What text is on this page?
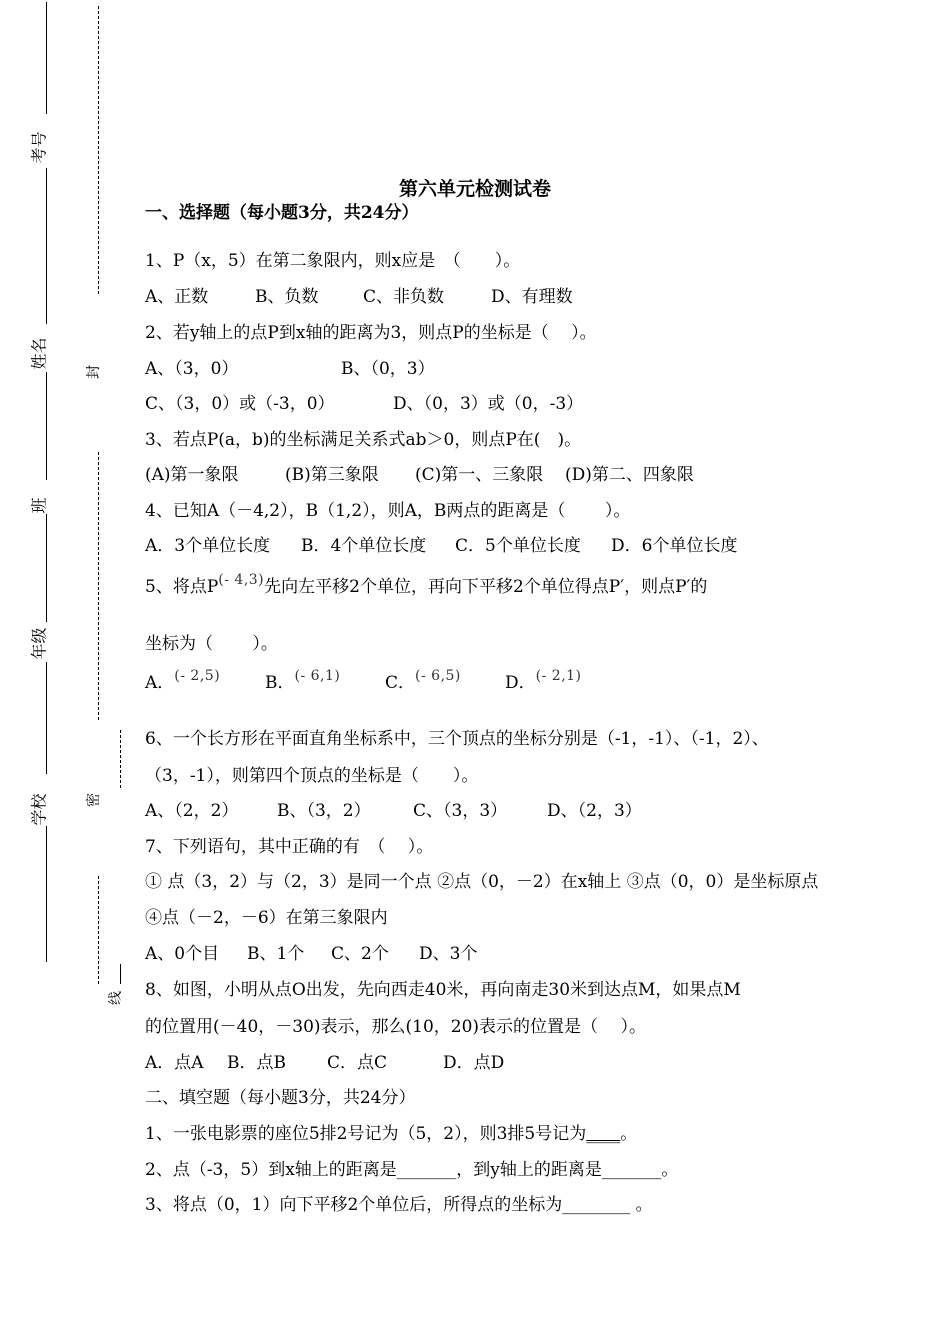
考号
姓名
班
年级
学校
封
密
线
第六单元检测试卷
一、选择题（每小题3分，共24分）
1、P（x，5）在第二象限内，则x应是　（　　）。
A、正数	B、负数	C、非负数	D、有理数
2、若y轴上的点P到x轴的距离为3，则点P的坐标是（　 ）。
A、（3，0）	B、（0，3）
C、（3，0）或（-3，0）	D、（0，3）或（0，-3）
3、若点P(a，b)的坐标满足关系式ab＞0，则点P在(　)。
(A)第一象限	(B)第三象限 (C)第一、三象限 (D)第二、四象限
4、已知A（－4,2），B（1,2），则A，B两点的距离是（　　 ）。
A．3个单位长度 B．4个单位长度 C．5个单位长度 D．6个单位长度
5、将点$P^{(- 4,3)}$先向左平移2个单位，再向下平移2个单位得点P′，则点P′的
坐标为（　　 ）。
A．$^{(- 2,5)}$	B．$^{(- 6,1)}$	C．$^{(- 6,5)}$	D．$^{(- 2,1)}$
6、一个长方形在平面直角坐标系中，三个顶点的坐标分别是（-1，-1）、（-1，2）、
（3，-1），则第四个顶点的坐标是（　　）。
A、（2，2） B、（3，2） C、（3，3） D、（2，3）
7、下列语句，其中正确的有　（　 ）。
① 点（3，2）与（2，3）是同一个点 ②点（0，－2）在x轴上 ③点（0，0）是坐标原点
④点（－2，－6）在第三象限内
A、0个目 B、1个 C、2个 D、3个
8、如图，小明从点O出发，先向西走40米，再向南走30米到达点M，如果点M
的位置用(－40，－30)表示，那么(10，20)表示的位置是（　 ）。
A．点A B．点B C．点C	D．点D
二、填空题（每小题3分，共24分）
1、一张电影票的座位5排2号记为（5，2），则3排5号记为____。
2、点（-3，5）到x轴上的距离是_______，到y轴上的距离是_______。
3、将点（0，1）向下平移2个单位后，所得点的坐标为________ 。
